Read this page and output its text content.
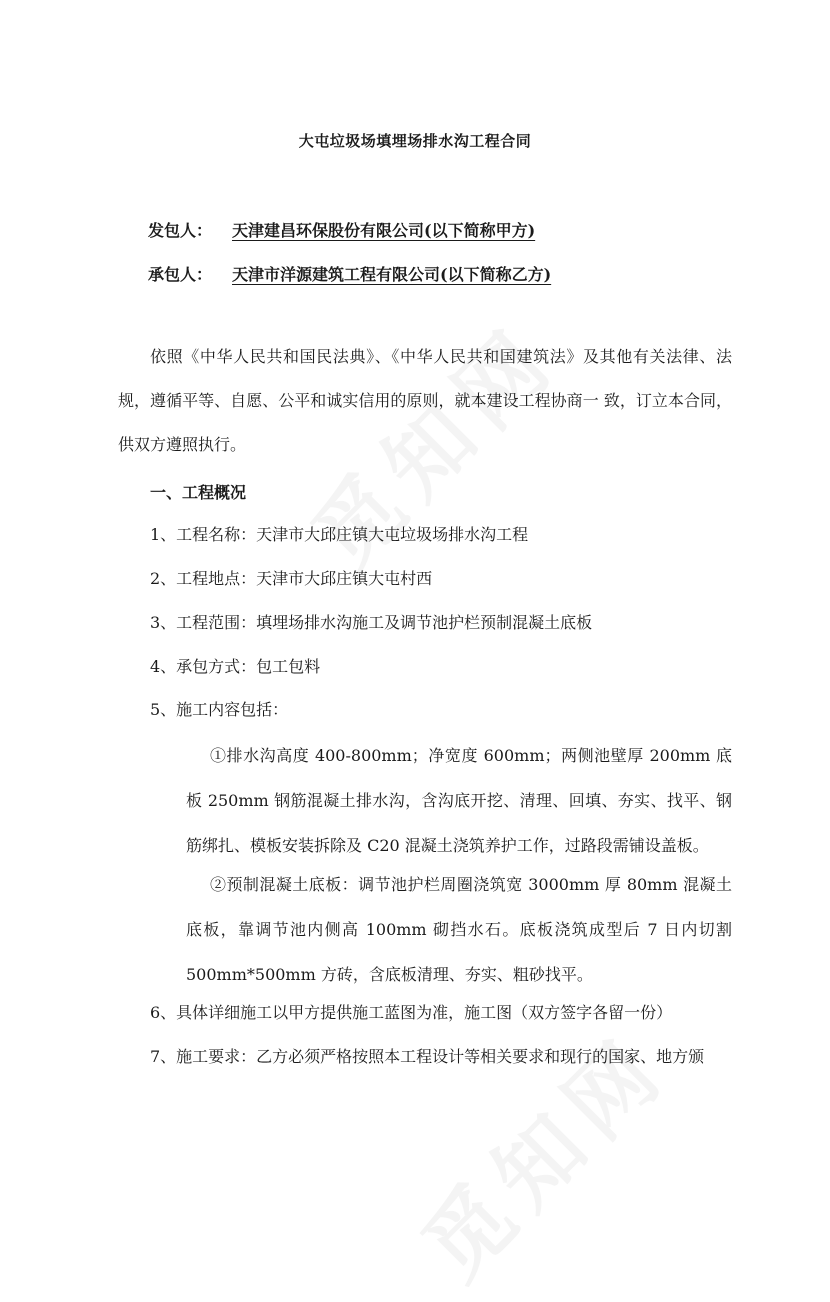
大屯垃圾场填埋场排水沟工程合同
发包人： 天津建昌环保股份有限公司(以下简称甲方)
承包人： 天津市洋源建筑工程有限公司(以下简称乙方)
依照《中华人民共和国民法典》、《中华人民共和国建筑法》及其他有关法律、法规，遵循平等、自愿、公平和诚实信用的原则，就本建设工程协商一 致，订立本合同，供双方遵照执行。
一、工程概况
1、工程名称：天津市大邱庄镇大屯垃圾场排水沟工程
2、工程地点：天津市大邱庄镇大屯村西
3、工程范围：填埋场排水沟施工及调节池护栏预制混凝土底板
4、承包方式：包工包料
5、施工内容包括：
①排水沟高度 400-800mm；净宽度 600mm；两侧池壁厚 200mm 底板 250mm 钢筋混凝土排水沟，含沟底开挖、清理、回填、夯实、找平、钢筋绑扎、模板安装拆除及 C20 混凝土浇筑养护工作，过路段需铺设盖板。
②预制混凝土底板：调节池护栏周圈浇筑宽 3000mm 厚 80mm 混凝土底板，靠调节池内侧高 100mm 砌挡水石。底板浇筑成型后 7 日内切割 500mm*500mm 方砖，含底板清理、夯实、粗砂找平。
6、具体详细施工以甲方提供施工蓝图为准，施工图（双方签字各留一份）
7、施工要求：乙方必须严格按照本工程设计等相关要求和现行的国家、地方颁
